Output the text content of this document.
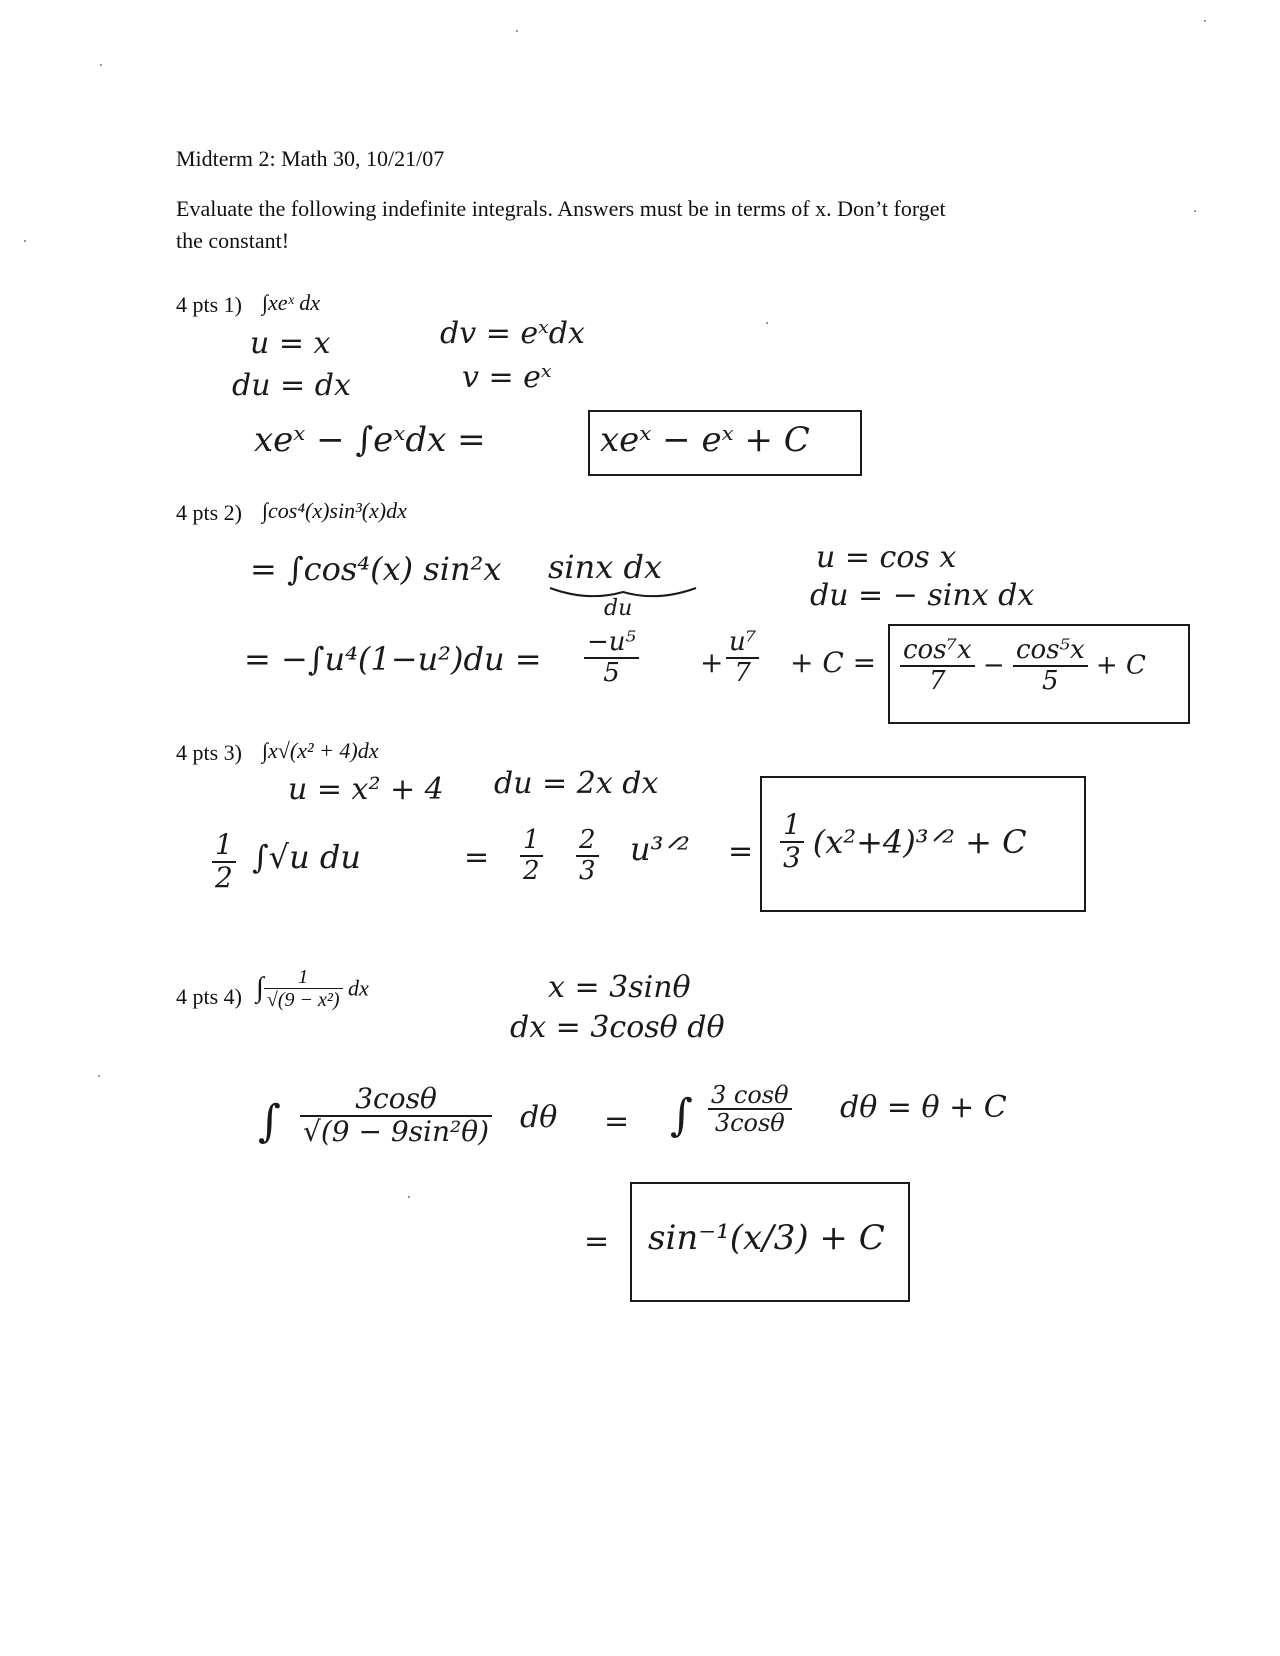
Midterm 2: Math 30, 10/21/07
Evaluate the following indefinite integrals. Answers must be in terms of x. Don’t forget
the constant!
4 pts 1) ∫xeˣ dx
u = x	dv = eˣdx
du = dx	v = eˣ
xeˣ − ∫eˣdx =	xeˣ − eˣ + C
4 pts 2) ∫cos⁴(x)sin³(x)dx
= ∫cos⁴(x) sin²x sinx dx
du
u = cos x
du = − sinx dx
= $-\int u^4(1-u^2)du = \frac{\text{−u⁵}}{5} + \frac{\text{u⁷}}{7} + C = \frac{\text{cos⁷x}}{7} - \frac{\text{cos⁵x}}{5} + C$
4 pts 3) ∫x√(x² + 4)dx
u = x² + 4 du = 2x dx
$\frac{1}{2} \int√u$ du	= $\frac{1}{2} \frac{2}{3}$ u³ᐟ² = $\frac{1}{3}$ (x²+4)³ᐟ² + C
4 pts 4) ∫ $\frac{1}{\text{√(9 − x²)}}$ dx	x = 3sinθ
dx = 3cosθ dθ
∫ $\frac{3\cos\theta}{\text{√(9 − 9sin²θ)}}$ dθ = ∫ $\frac{3 \cos\theta}{3\cos\theta}$ dθ = θ + C
= sin⁻¹(x/3) + C
